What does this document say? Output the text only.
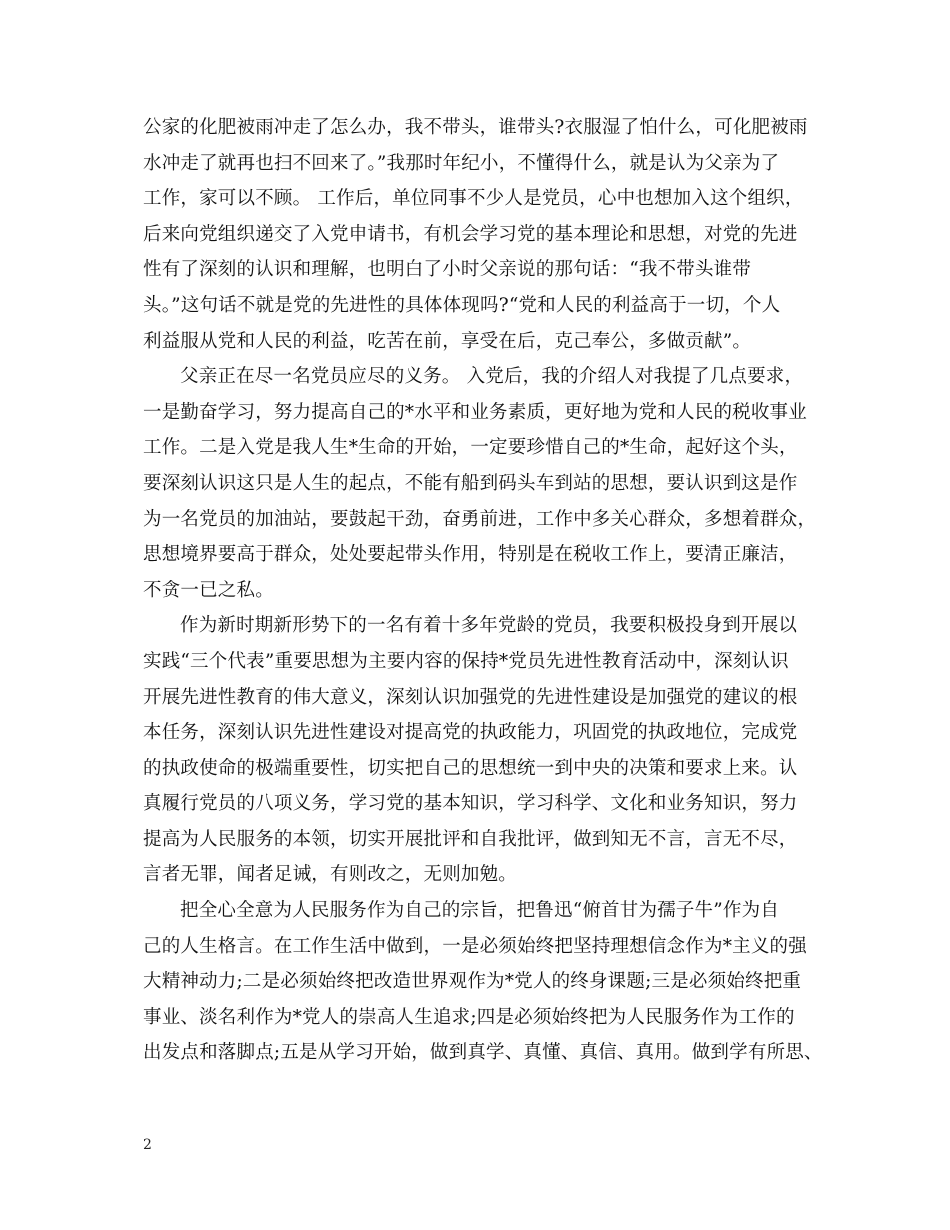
公家的化肥被雨冲走了怎么办，我不带头，谁带头?衣服湿了怕什么，可化肥被雨
水冲走了就再也扫不回来了。”我那时年纪小，不懂得什么，就是认为父亲为了
工作，家可以不顾。 工作后，单位同事不少人是党员，心中也想加入这个组织，
后来向党组织递交了入党申请书，有机会学习党的基本理论和思想，对党的先进
性有了深刻的认识和理解，也明白了小时父亲说的那句话：“我不带头谁带
头。”这句话不就是党的先进性的具体体现吗?“党和人民的利益高于一切，个人
利益服从党和人民的利益，吃苦在前，享受在后，克己奉公，多做贡献”。
父亲正在尽一名党员应尽的义务。 入党后，我的介绍人对我提了几点要求，
一是勤奋学习，努力提高自己的*水平和业务素质，更好地为党和人民的税收事业
工作。二是入党是我人生*生命的开始，一定要珍惜自己的*生命，起好这个头，
要深刻认识这只是人生的起点，不能有船到码头车到站的思想，要认识到这是作
为一名党员的加油站，要鼓起干劲，奋勇前进，工作中多关心群众，多想着群众，
思想境界要高于群众，处处要起带头作用，特别是在税收工作上，要清正廉洁，
不贪一已之私。
作为新时期新形势下的一名有着十多年党龄的党员，我要积极投身到开展以
实践“三个代表”重要思想为主要内容的保持*党员先进性教育活动中，深刻认识
开展先进性教育的伟大意义，深刻认识加强党的先进性建设是加强党的建议的根
本任务，深刻认识先进性建设对提高党的执政能力，巩固党的执政地位，完成党
的执政使命的极端重要性，切实把自己的思想统一到中央的决策和要求上来。认
真履行党员的八项义务，学习党的基本知识，学习科学、文化和业务知识，努力
提高为人民服务的本领，切实开展批评和自我批评，做到知无不言，言无不尽，
言者无罪，闻者足诫，有则改之，无则加勉。
把全心全意为人民服务作为自己的宗旨，把鲁迅“俯首甘为孺子牛”作为自
己的人生格言。在工作生活中做到，一是必须始终把坚持理想信念作为*主义的强
大精神动力;二是必须始终把改造世界观作为*党人的终身课题;三是必须始终把重
事业、淡名利作为*党人的崇高人生追求;四是必须始终把为人民服务作为工作的
出发点和落脚点;五是从学习开始，做到真学、真懂、真信、真用。做到学有所思、
2
